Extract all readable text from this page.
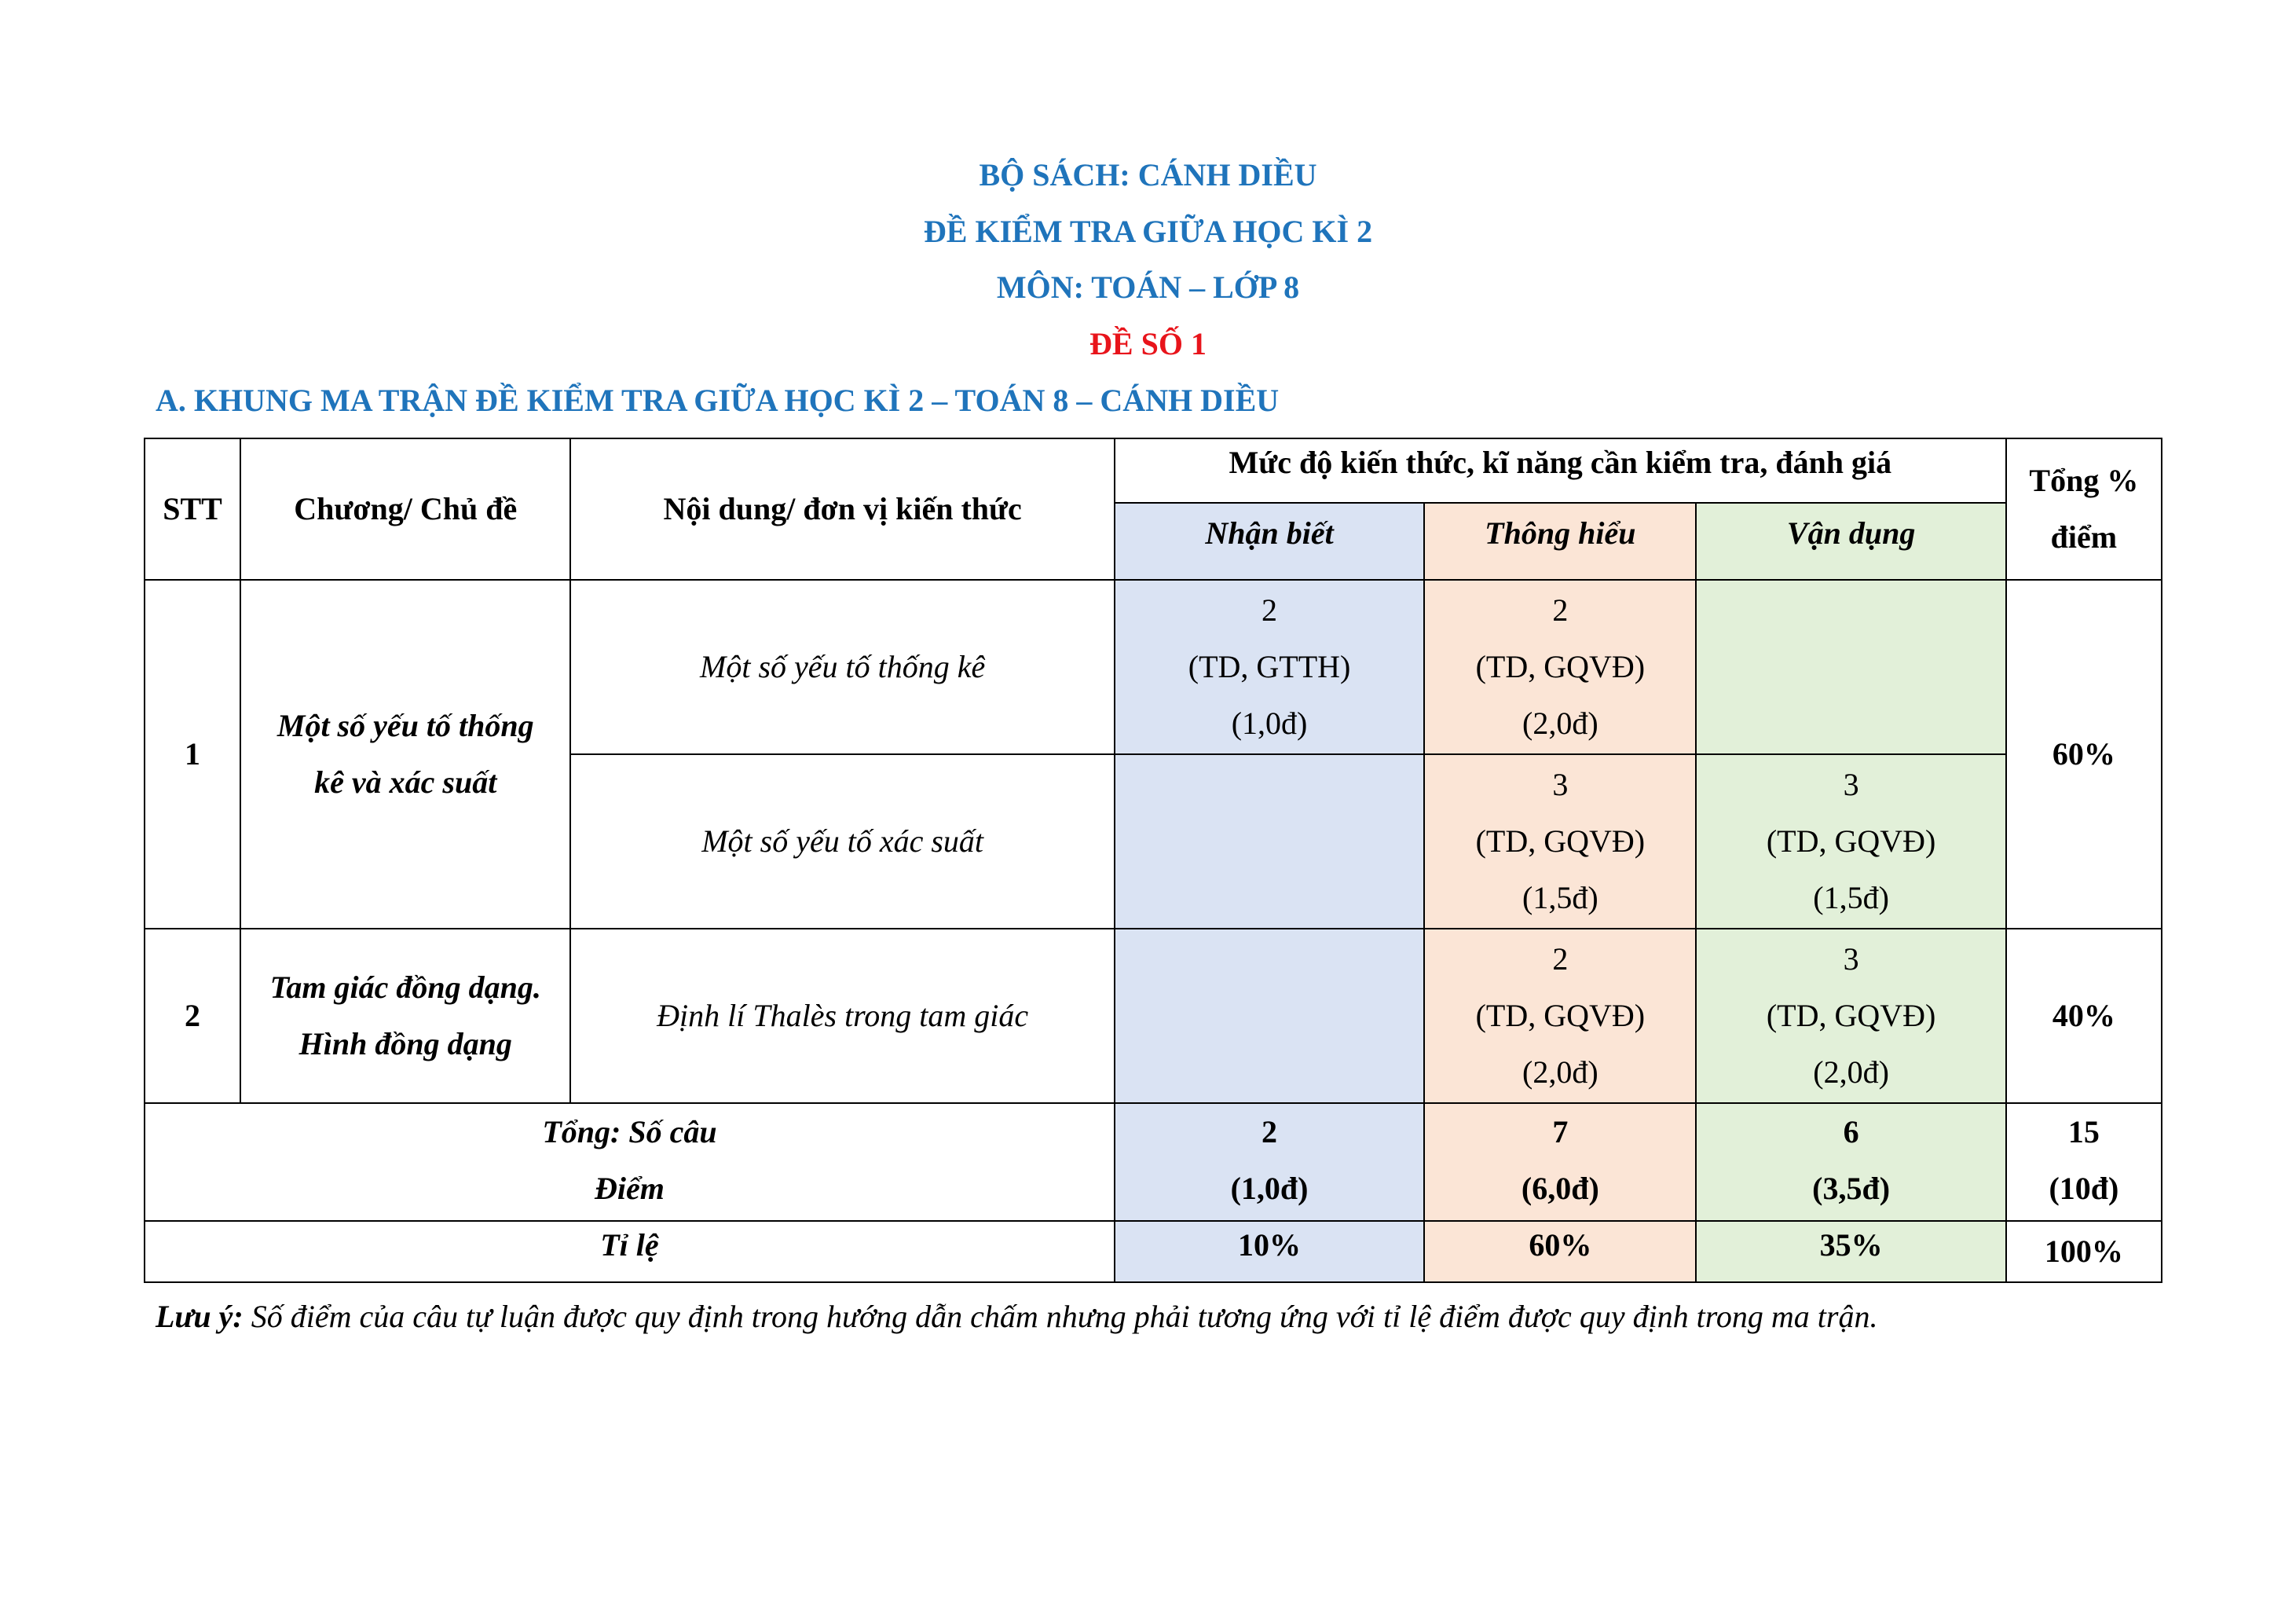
BỘ SÁCH: CÁNH DIỀU
ĐỀ KIỂM TRA GIỮA HỌC KÌ 2
MÔN: TOÁN – LỚP 8
ĐỀ SỐ 1
A. KHUNG MA TRẬN ĐỀ KIỂM TRA GIỮA HỌC KÌ 2 – TOÁN 8 – CÁNH DIỀU
STT	Chương/ Chủ đề	Nội dung/ đơn vị kiến thức	Mức độ kiến thức, kĩ năng cần kiểm tra, đánh giá			Tổng %
điểm

			Nhận biết	Thông hiểu	Vận dụng	
1	Một số yếu tố thống
kê và xác suất	Một số yếu tố thống kê	2
(TD, GTTH)
(1,0đ)	2
(TD, GQVĐ)
(2,0đ)		60%
		Một số yếu tố xác suất		3
(TD, GQVĐ)
(1,5đ)	3
(TD, GQVĐ)
(1,5đ)	

2	Tam giác đồng dạng.
Hình đồng dạng	Định lí Thalès trong tam giác		2
(TD, GQVĐ)
(2,0đ)	3
(TD, GQVĐ)
(2,0đ)	40%

Tổng: Số câu
Điểm			2
(1,0đ)	7
(6,0đ)	6
(3,5đ)	15
(10đ)

Tỉ lệ			10%	60%	35%	100%
Lưu ý: Số điểm của câu tự luận được quy định trong hướng dẫn chấm nhưng phải tương ứng với tỉ lệ điểm được quy định trong ma trận.
